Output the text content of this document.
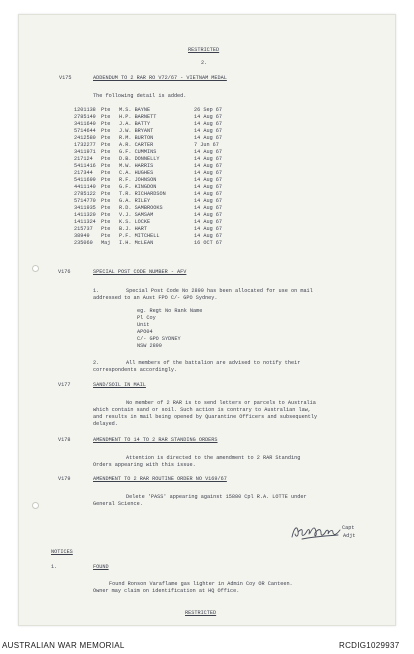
RESTRICTED
2.
V175	ADDENDUM TO 2 RAR RO V72/67 - VIETNAM MEDAL
The following detail is added.
1201138 Pte M.S. BAYNE	26 Sep 67
2785149 Pte H.P. BARNETT	14 Aug 67
3411640 Pte J.A. BATTY	14 Aug 67
5714644 Pte J.W. BRYANT	14 Aug 67
2412580 Pte R.M. BURTON	14 Aug 67
1732277 Pte A.R. CARTER	7 Jun 67
3411971 Pte G.F. CUMMINS	14 Aug 67
217124 Pte D.B. DONNELLY	14 Aug 67
5411416 Pte M.W. HARRIS	14 Aug 67
217344 Pte C.A. HUGHES	14 Aug 67
5411699 Pte R.F. JOHNSON	14 Aug 67
4411140 Pte G.F. KINGDON	14 Aug 67
2785122 Pte T.R. RICHARDSON	14 Aug 67
5714770 Pte G.A. RILEY	14 Aug 67
3411935 Pte R.D. SAMBROOKS	14 Aug 67
1411320 Pte V.J. SAMSAM	14 Aug 67
1411324 Pte K.S. LOCKE	14 Aug 67
215737 Pte B.J. HART	14 Aug 67
38949 Pte P.F. MITCHELL	14 Aug 67
235060 Maj I.H. McLEAN	16 OCT 67
V176	SPECIAL POST CODE NUMBER - AFV
1.	Special Post Code No 2890 has been allocated for use on mail
addressed to an Aust FPO C/- GPO Sydney.
eg. Regt No Rank Name
Pl Coy
Unit
APO04
C/- GPO SYDNEY
NSW 2890
2.	All members of the battalion are advised to notify their
correspondents accordingly.
V177	SAND/SOIL IN MAIL
No member of 2 RAR is to send letters or parcels to Australia
which contain sand or soil. Such action is contrary to Australian law,
and results in mail being opened by Quarantine Officers and subsequently
delayed.
V178	AMENDMENT TO 14 TO 2 RAR STANDING ORDERS
Attention is directed to the amendment to 2 RAR Standing
Orders appearing with this issue.
V179	AMENDMENT TO 2 RAR ROUTINE ORDER NO V169/67
Delete 'PASS' appearing against 15880 Cpl R.A. LOTTE under
General Science.
Capt
Adjt
NOTICES
1.	FOUND
Found Ronson Varaflame gas lighter in Admin Coy OR Canteen.
Owner may claim on identification at HQ Office.
RESTRICTED
AUSTRALIAN WAR MEMORIAL	RCDIG1029937
